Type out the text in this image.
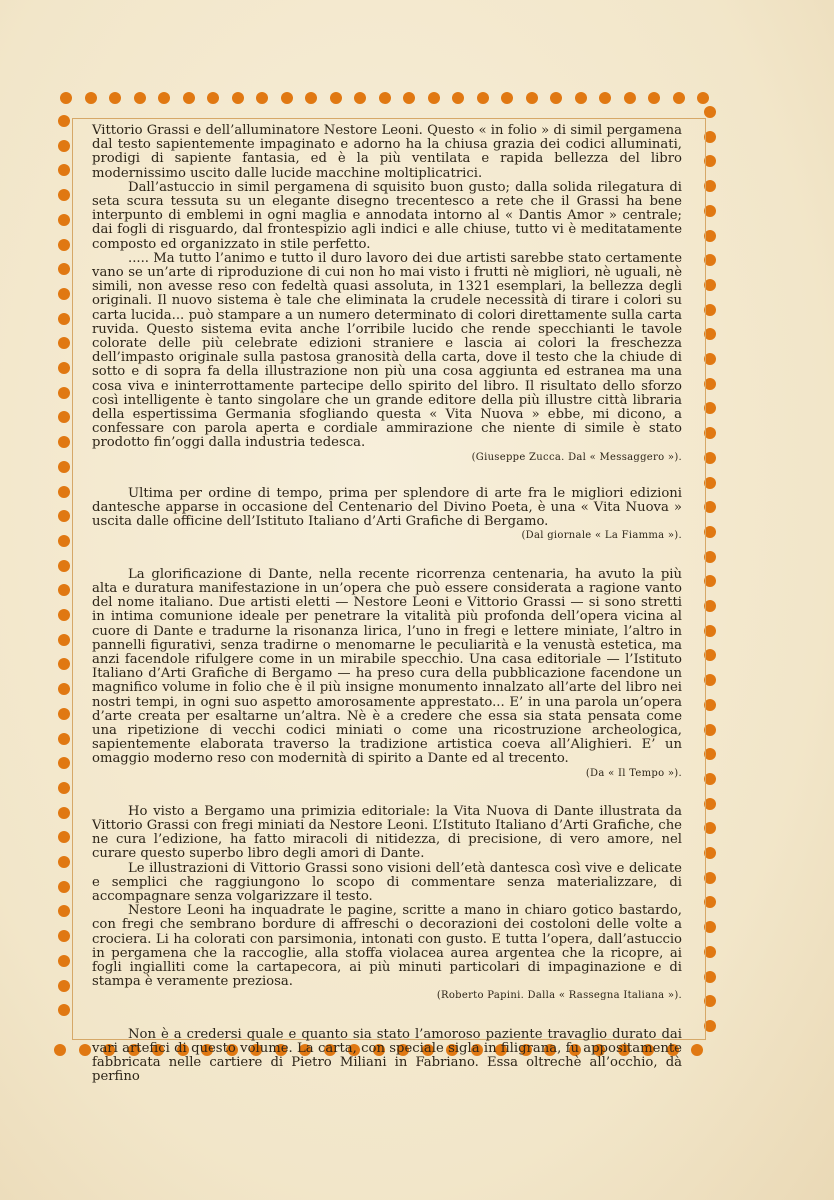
Vittorio Grassi e dell’alluminatore Nestore Leoni. Questo « in folio » di simil pergamena dal testo sapientemente impaginato e adorno ha la chiusa grazia dei codici alluminati, prodigi di sapiente fantasia, ed è la più ventilata e rapida bellezza del libro modernissimo uscito dalle lucide macchine moltiplicatrici.

Dall’astuccio in simil pergamena di squisito buon gusto; dalla solida rilegatura di seta scura tessuta su un elegante disegno trecentesco a rete che il Grassi ha bene interpunto di emblemi in ogni maglia e annodata intorno al « Dantis Amor » centrale; dai fogli di risguardo, dal frontespizio agli indici e alle chiuse, tutto vi è meditatamente composto ed organizzato in stile perfetto.

..... Ma tutto l’animo e tutto il duro lavoro dei due artisti sarebbe stato certamente vano se un’arte di riproduzione di cui non ho mai visto i frutti nè migliori, nè uguali, nè simili, non avesse reso con fedeltà quasi assoluta, in 1321 esemplari, la bellezza degli originali. Il nuovo sistema è tale che eliminata la crudele necessità di tirare i colori su carta lucida... può stampare a un numero determinato di colori direttamente sulla carta ruvida. Questo sistema evita anche l’orribile lucido che rende specchianti le tavole colorate delle più celebrate edizioni straniere e lascia ai colori la freschezza dell’impasto originale sulla pastosa granosità della carta, dove il testo che la chiude di sotto e di sopra fa della illustrazione non più una cosa aggiunta ed estranea ma una cosa viva e ininterrottamente partecipe dello spirito del libro. Il risultato dello sforzo così intelligente è tanto singolare che un grande editore della più illustre città libraria della espertissima Germania sfogliando questa « Vita Nuova » ebbe, mi dicono, a confessare con parola aperta e cordiale ammirazione che niente di simile è stato prodotto fin’oggi dalla industria tedesca.

(Giuseppe Zucca. Dal « Messaggero »).

Ultima per ordine di tempo, prima per splendore di arte fra le migliori edizioni dantesche apparse in occasione del Centenario del Divino Poeta, è una « Vita Nuova » uscita dalle officine dell’Istituto Italiano d’Arti Grafiche di Bergamo.

(Dal giornale « La Fiamma »).

La glorificazione di Dante, nella recente ricorrenza centenaria, ha avuto la più alta e duratura manifestazione in un’opera che può essere considerata a ragione vanto del nome italiano. Due artisti eletti — Nestore Leoni e Vittorio Grassi — si sono stretti in intima comunione ideale per penetrare la vitalità più profonda dell’opera vicina al cuore di Dante e tradurne la risonanza lirica, l’uno in fregi e lettere miniate, l’altro in pannelli figurativi, senza tradirne o menomarne le peculiarità e la venustà estetica, ma anzi facendole rifulgere come in un mirabile specchio. Una casa editoriale — l’Istituto Italiano d’Arti Grafiche di Bergamo — ha preso cura della pubblicazione facendone un magnifico volume in folio che è il più insigne monumento innalzato all’arte del libro nei nostri tempi, in ogni suo aspetto amorosamente apprestato... E’ in una parola un’opera d’arte creata per esaltarne un’altra. Nè è a credere che essa sia stata pensata come una ripetizione di vecchi codici miniati o come una ricostruzione archeologica, sapientemente elaborata traverso la tradizione artistica coeva all’Alighieri. E’ un omaggio moderno reso con modernità di spirito a Dante ed al trecento.

(Da « Il Tempo »).

Ho visto a Bergamo una primizia editoriale: la Vita Nuova di Dante illustrata da Vittorio Grassi con fregi miniati da Nestore Leoni. L’Istituto Italiano d’Arti Grafiche, che ne cura l’edizione, ha fatto miracoli di nitidezza, di precisione, di vero amore, nel curare questo superbo libro degli amori di Dante.

Le illustrazioni di Vittorio Grassi sono visioni dell’età dantesca così vive e delicate e semplici che raggiungono lo scopo di commentare senza materializzare, di accompagnare senza volgarizzare il testo.

Nestore Leoni ha inquadrate le pagine, scritte a mano in chiaro gotico bastardo, con fregi che sembrano bordure di affreschi o decorazioni dei costoloni delle volte a crociera. Li ha colorati con parsimonia, intonati con gusto. E tutta l’opera, dall’astuccio in pergamena che la raccoglie, alla stoffa violacea aurea argentea che la ricopre, ai fogli ingialliti come la cartapecora, ai più minuti particolari di impaginazione e di stampa è veramente preziosa.

(Roberto Papini. Dalla « Rassegna Italiana »).

Non è a credersi quale e quanto sia stato l’amoroso paziente travaglio durato dai vari artefici di questo volume. La carta, con speciale sigla in filigrana, fu appositamente fabbricata nelle cartiere di Pietro Miliani in Fabriano. Essa oltrechè all’occhio, dà perfino
